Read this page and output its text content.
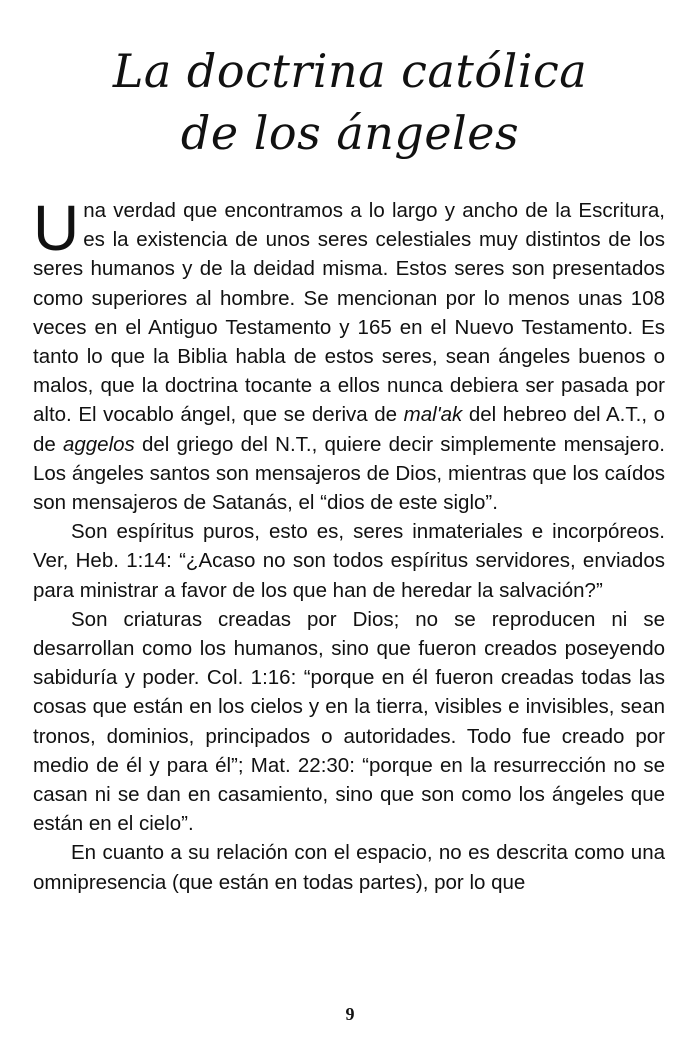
La doctrina católica
de los ángeles

Una verdad que encontramos a lo largo y ancho de la Escritura, es la existencia de unos seres celestiales muy distintos de los seres humanos y de la deidad misma. Estos seres son presentados como superiores al hombre. Se mencionan por lo menos unas 108 veces en el Antiguo Testamento y 165 en el Nuevo Testamento. Es tanto lo que la Biblia habla de estos seres, sean ángeles buenos o malos, que la doctrina tocante a ellos nunca debiera ser pasada por alto. El vocablo ángel, que se deriva de mal'ak del hebreo del A.T., o de aggelos del griego del N.T., quiere decir simplemente mensajero. Los ángeles santos son mensajeros de Dios, mientras que los caídos son mensajeros de Satanás, el “dios de este siglo”.

Son espíritus puros, esto es, seres inmateriales e incorpóreos. Ver, Heb. 1:14: “¿Acaso no son todos espíritus servidores, enviados para ministrar a favor de los que han de heredar la salvación?”

Son criaturas creadas por Dios; no se reproducen ni se desarrollan como los humanos, sino que fueron creados poseyendo sabiduría y poder. Col. 1:16: “porque en él fueron creadas todas las cosas que están en los cielos y en la tierra, visibles e invisibles, sean tronos, dominios, principados o autoridades. Todo fue creado por medio de él y para él”; Mat. 22:30: “porque en la resurrección no se casan ni se dan en casamiento, sino que son como los ángeles que están en el cielo”.

En cuanto a su relación con el espacio, no es descrita como una omnipresencia (que están en todas partes), por lo que

9
